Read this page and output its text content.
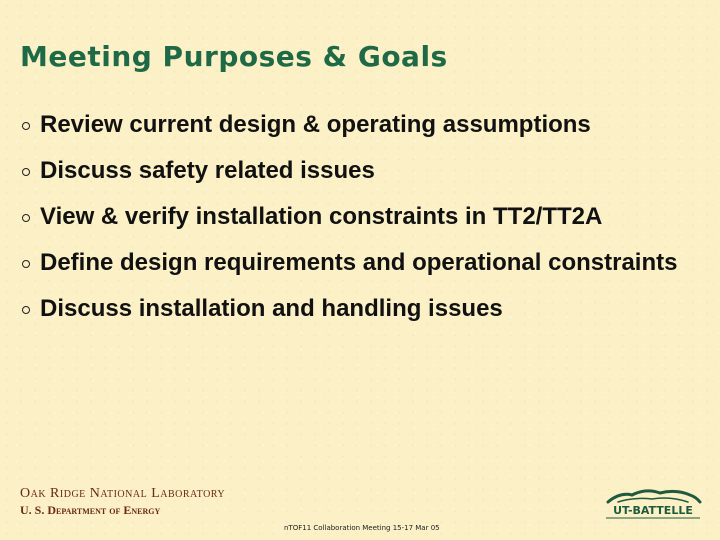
Meeting Purposes & Goals
Review current design & operating assumptions
Discuss safety related issues
View & verify installation constraints in TT2/TT2A
Define design requirements and operational constraints
Discuss installation and handling issues
Oak Ridge National Laboratory
U. S. Department of Energy
nTOF11 Collaboration Meeting 15-17 Mar 05
UT-BATTELLE
